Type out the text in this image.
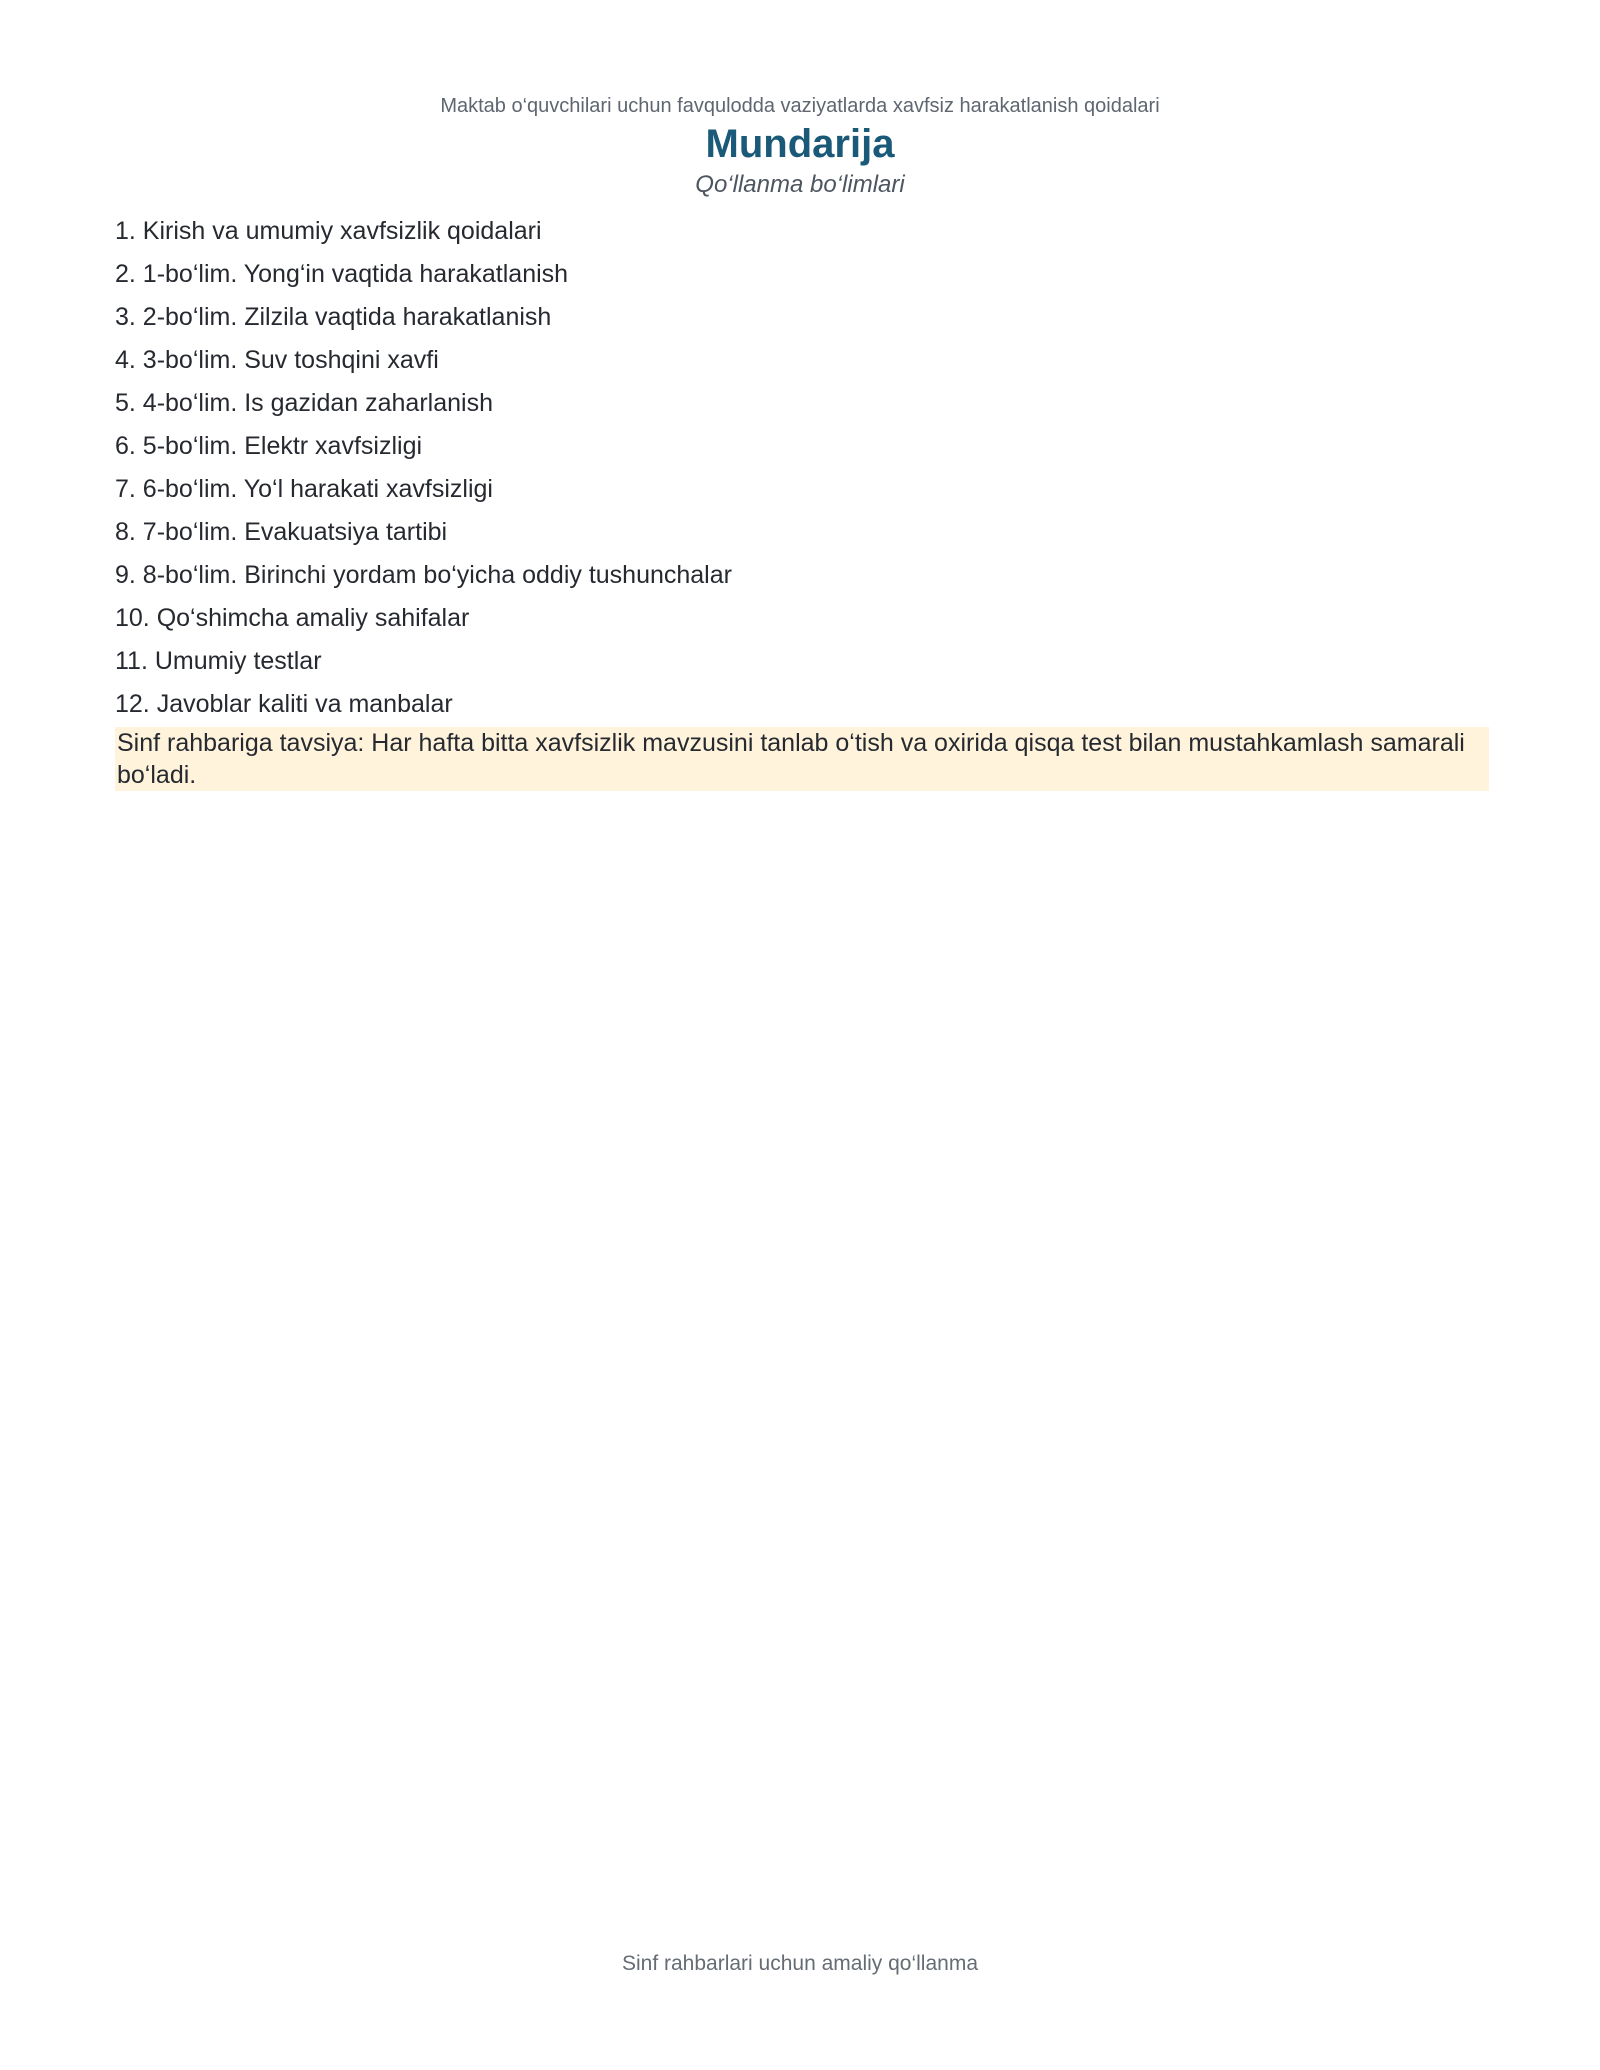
Maktab o‘quvchilari uchun favqulodda vaziyatlarda xavfsiz harakatlanish qoidalari
Mundarija
Qo‘llanma bo‘limlari
1. Kirish va umumiy xavfsizlik qoidalari
2. 1-bo‘lim. Yong‘in vaqtida harakatlanish
3. 2-bo‘lim. Zilzila vaqtida harakatlanish
4. 3-bo‘lim. Suv toshqini xavfi
5. 4-bo‘lim. Is gazidan zaharlanish
6. 5-bo‘lim. Elektr xavfsizligi
7. 6-bo‘lim. Yo‘l harakati xavfsizligi
8. 7-bo‘lim. Evakuatsiya tartibi
9. 8-bo‘lim. Birinchi yordam bo‘yicha oddiy tushunchalar
10. Qo‘shimcha amaliy sahifalar
11. Umumiy testlar
12. Javoblar kaliti va manbalar
Sinf rahbariga tavsiya: Har hafta bitta xavfsizlik mavzusini tanlab o‘tish va oxirida qisqa test bilan mustahkamlash samarali bo‘ladi.
Sinf rahbarlari uchun amaliy qo‘llanma
